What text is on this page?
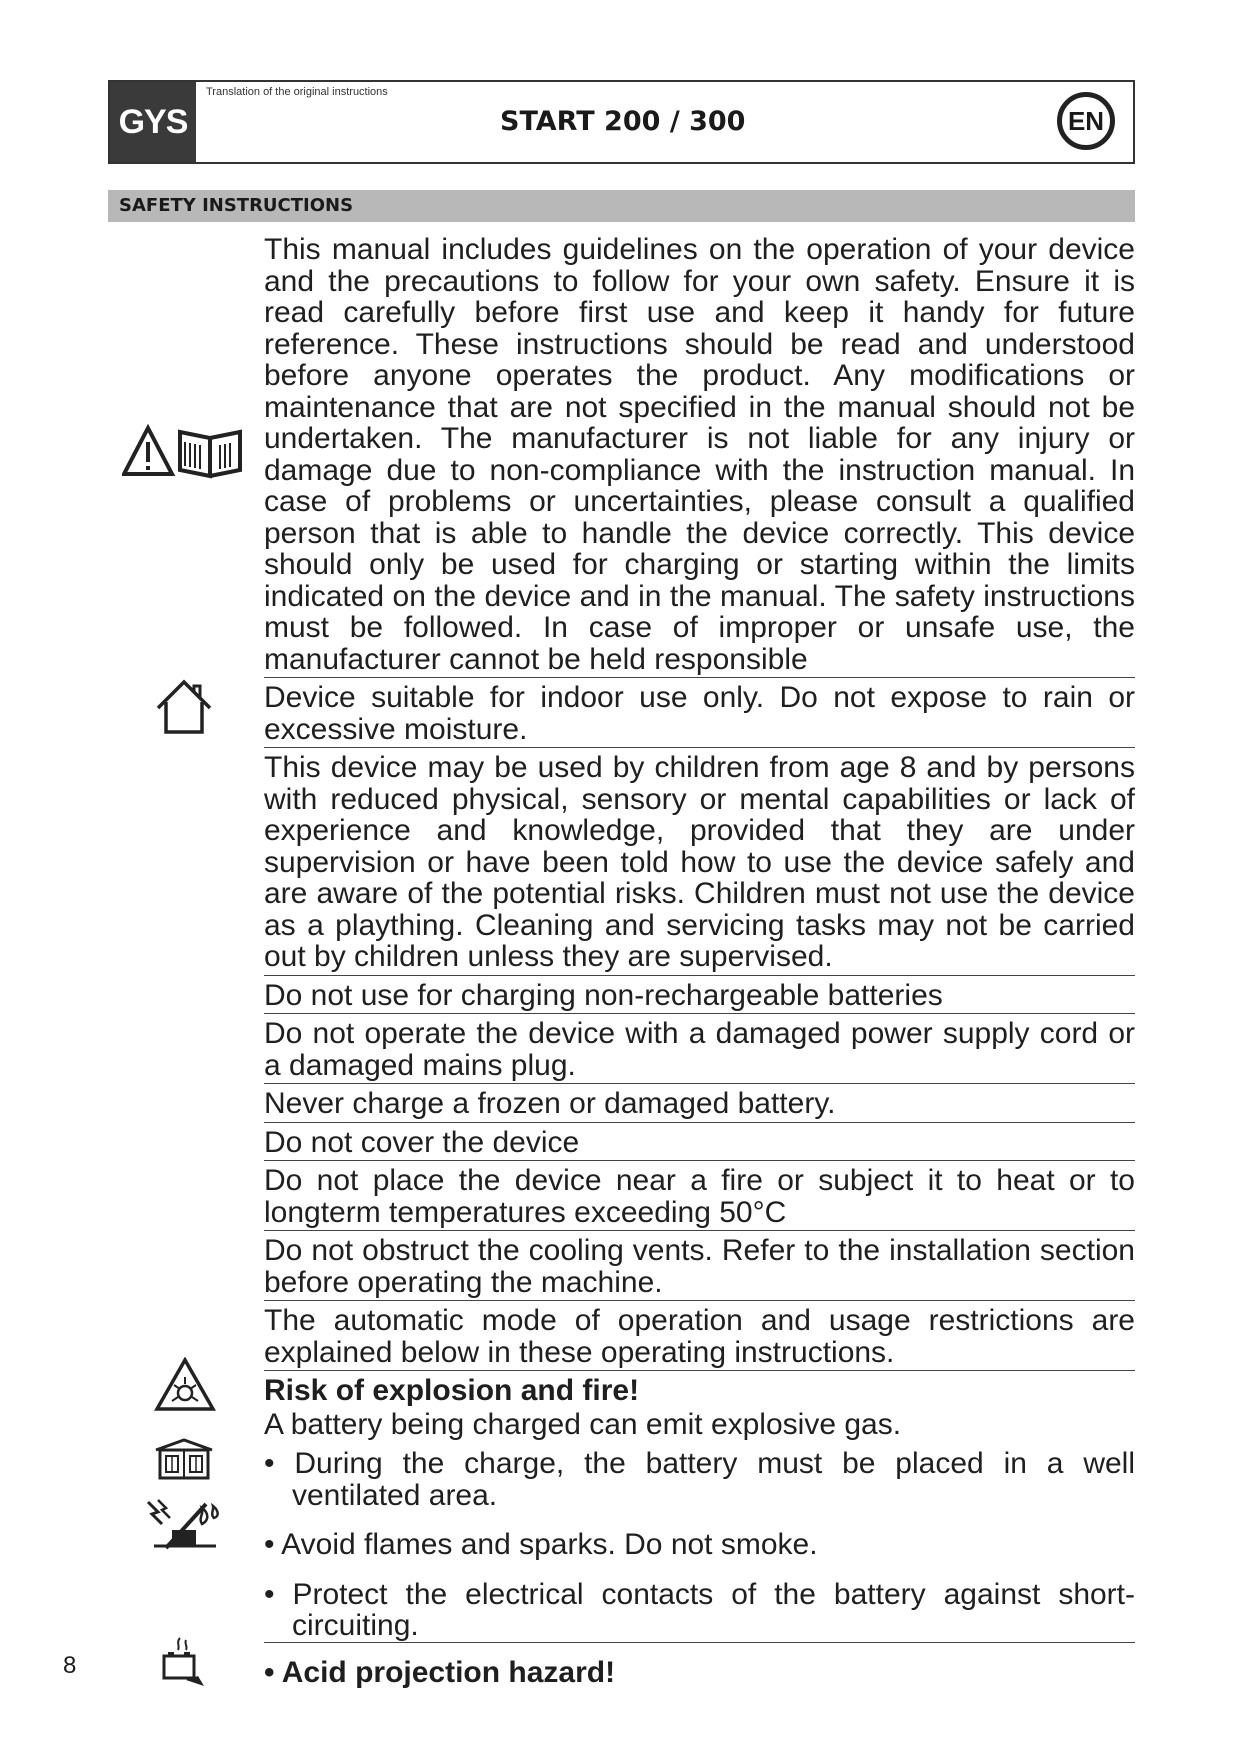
GYS
Translation of the original instructions
START 200 / 300	EN
SAFETY INSTRUCTIONS
This manual includes guidelines on the operation of your device and the precautions to follow for your own safety. Ensure it is read carefully before first use and keep it handy for future reference. These instructions should be read and understood before anyone operates the product. Any modifications or maintenance that are not specified in the manual should not be undertaken. The manufacturer is not liable for any injury or damage due to non-compliance with the instruction manual. In case of problems or uncertainties, please consult a qualified person that is able to handle the device correctly. This device should only be used for charging or starting within the limits indicated on the device and in the manual. The safety instructions must be followed. In case of improper or unsafe use, the manufacturer cannot be held responsible
Device suitable for indoor use only. Do not expose to rain or excessive moisture.
This device may be used by children from age 8 and by persons with reduced physical, sensory or mental capabilities or lack of experience and knowledge, provided that they are under supervision or have been told how to use the device safely and are aware of the potential risks. Children must not use the device as a plaything. Cleaning and servicing tasks may not be carried out by children unless they are supervised.
Do not use for charging non-rechargeable batteries
Do not operate the device with a damaged power supply cord or a damaged mains plug.
Never charge a frozen or damaged battery.
Do not cover the device
Do not place the device near a fire or subject it to heat or to longterm temperatures exceeding 50°C
Do not obstruct the cooling vents. Refer to the installation section before operating the machine.
The automatic mode of operation and usage restrictions are explained below in these operating instructions.
Risk of explosion and fire!
A battery being charged can emit explosive gas.
• During the charge, the battery must be placed in a well ventilated area.
• Avoid flames and sparks. Do not smoke.
• Protect the electrical contacts of the battery against short-circuiting.
• Acid projection hazard!
8
